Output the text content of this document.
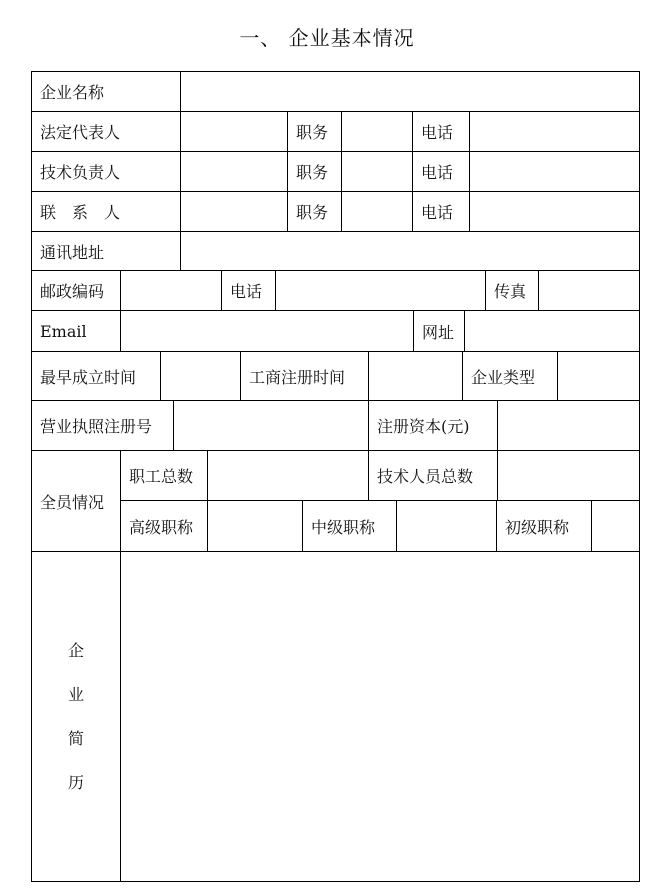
一、 企业基本情况
企业名称
法定代表人	职务	电话
技术负责人	职务	电话
联　系　人	职务	电话
通讯地址
邮政编码	电话	传真
Email	网址
最早成立时间	工商注册时间	企业类型
营业执照注册号	注册资本(元)
全员情况
职工总数	技术人员总数
高级职称	中级职称	初级职称
企
业
简
历
